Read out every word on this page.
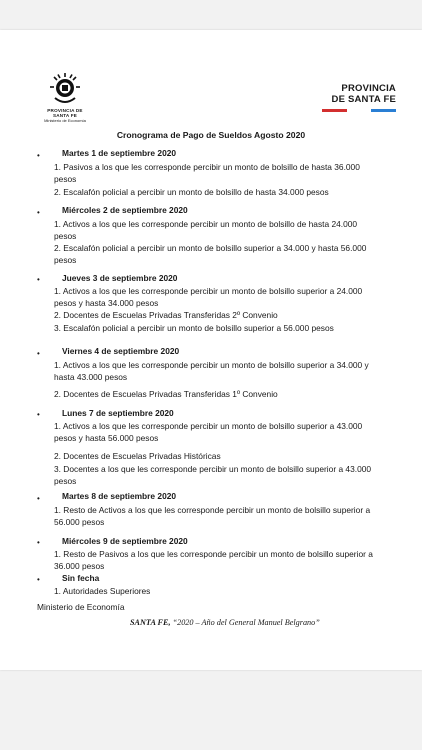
PROVINCIA DE SANTA FE
Ministerio de Economía
PROVINCIA
DE SANTA FE
Cronograma de Pago de Sueldos Agosto 2020
•	Martes 1 de septiembre 2020
1. Pasivos a los que les corresponde percibir un monto de bolsillo de hasta 36.000 pesos
2. Escalafón policial a percibir un monto de bolsillo de hasta 34.000 pesos
•	Miércoles 2 de septiembre 2020
1. Activos a los que les corresponde percibir un monto de bolsillo de hasta 24.000 pesos
2. Escalafón policial a percibir un monto de bolsillo superior a 34.000 y hasta 56.000 pesos
•	Jueves 3 de septiembre 2020
1. Activos a los que les corresponde percibir un monto de bolsillo superior a 24.000 pesos y hasta 34.000 pesos
2. Docentes de Escuelas Privadas Transferidas 2º Convenio
3. Escalafón policial a percibir un monto de bolsillo superior a 56.000 pesos
•	Viernes 4 de septiembre 2020
1. Activos a los que les corresponde percibir un monto de bolsillo superior a 34.000 y hasta 43.000 pesos
2. Docentes de Escuelas Privadas Transferidas 1º Convenio
•	Lunes 7 de septiembre 2020
1. Activos a los que les corresponde percibir un monto de bolsillo superior a 43.000 pesos y hasta 56.000 pesos
2. Docentes de Escuelas Privadas Históricas
3. Docentes a los que les corresponde percibir un monto de bolsillo superior a 43.000 pesos
•	Martes 8 de septiembre 2020
1. Resto de Activos a los que les corresponde percibir un monto de bolsillo superior a 56.000 pesos
•	Miércoles 9 de septiembre 2020
1. Resto de Pasivos a los que les corresponde percibir un monto de bolsillo superior a 36.000 pesos
•	Sin fecha
1. Autoridades Superiores
Ministerio de Economía
SANTA FE, “2020 – Año del General Manuel Belgrano”
